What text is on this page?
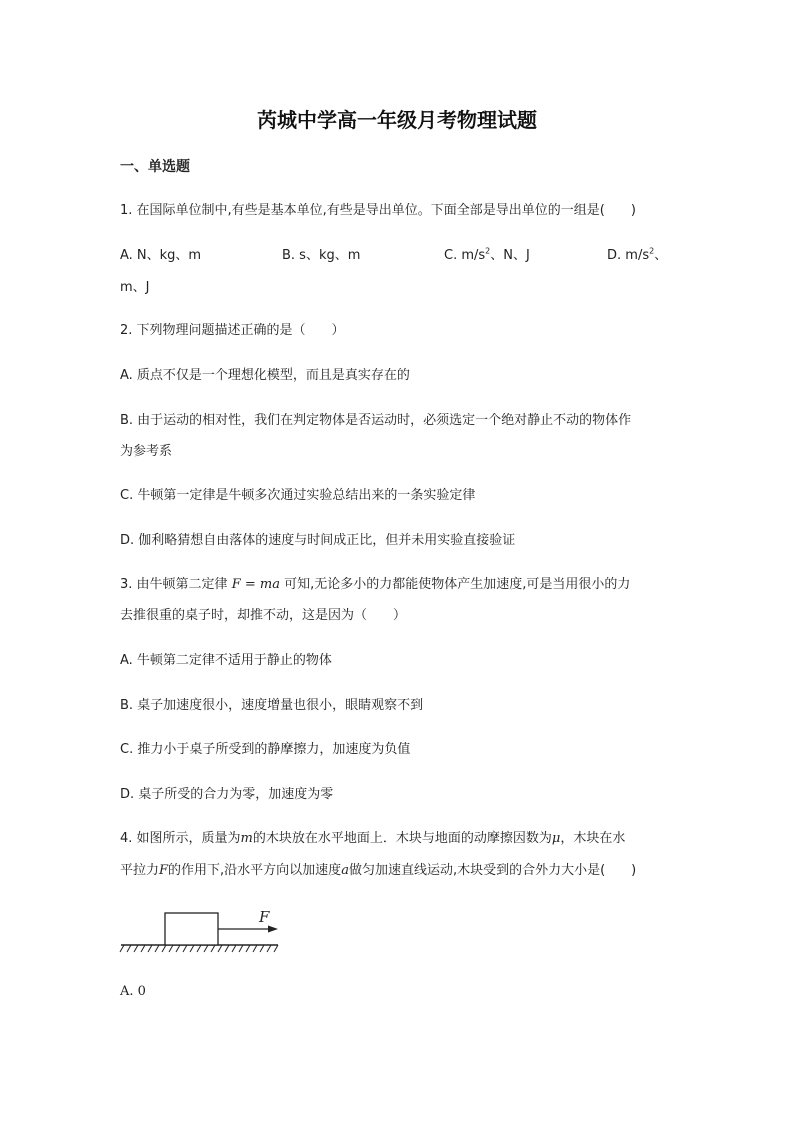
芮城中学高一年级月考物理试题
一、单选题
1. 在国际单位制中,有些是基本单位,有些是导出单位。下面全部是导出单位的一组是(　　)
A. N、kg、m	B. s、kg、m	C. $m/s^2$、N、J	D. $m/s^2$、
m、J
2. 下列物理问题描述正确的是（　　）
A. 质点不仅是一个理想化模型，而且是真实存在的
B. 由于运动的相对性，我们在判定物体是否运动时，必须选定一个绝对静止不动的物体作
为参考系
C. 牛顿第一定律是牛顿多次通过实验总结出来的一条实验定律
D. 伽利略猜想自由落体的速度与时间成正比，但并未用实验直接验证
3. 由牛顿第二定律 F = ma 可知,无论多小的力都能使物体产生加速度,可是当用很小的力
去推很重的桌子时，却推不动，这是因为（　　）
A. 牛顿第二定律不适用于静止的物体
B. 桌子加速度很小，速度增量也很小，眼睛观察不到
C. 推力小于桌子所受到的静摩擦力，加速度为负值
D. 桌子所受的合力为零，加速度为零
4. 如图所示，质量为m的木块放在水平地面上．木块与地面的动摩擦因数为μ，木块在水
平拉力F的作用下,沿水平方向以加速度a做匀加速直线运动,木块受到的合外力大小是(　　)
F
A. 0
